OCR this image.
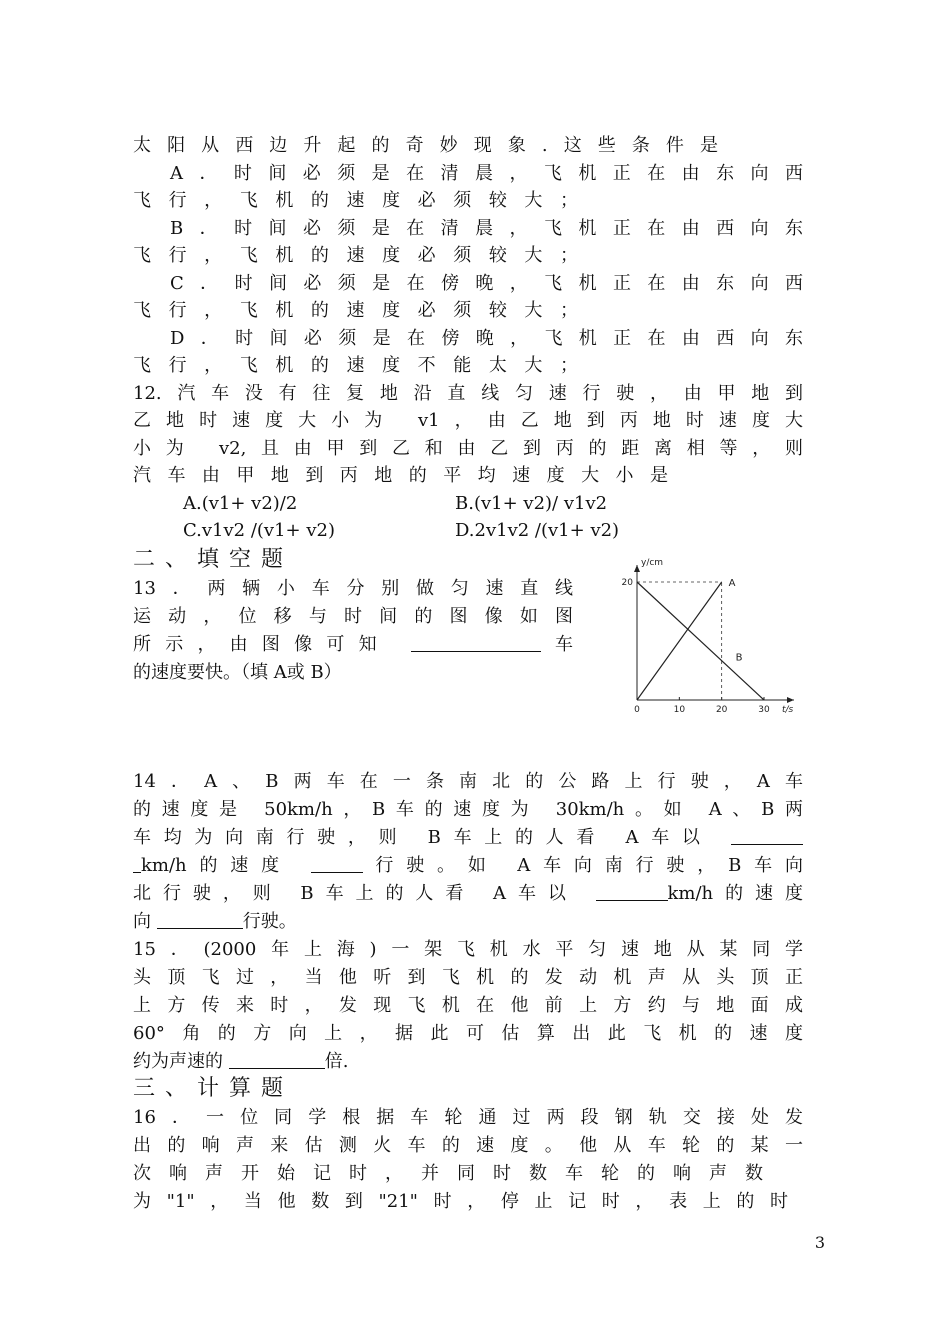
太阳从西边升起的奇妙现象.这些条件是
A．时间必须是在清晨，飞机正在由东向西
飞行，飞机的速度必须较大；
B．时间必须是在清晨，飞机正在由西向东
飞行，飞机的速度必须较大；
C．时间必须是在傍晚，飞机正在由东向西
飞行，飞机的速度必须较大；
D．时间必须是在傍晚，飞机正在由西向东
飞行，飞机的速度不能太大；
12.汽车没有往复地沿直线匀速行驶，由甲地到
乙地时速度大小为 v1，由乙地到丙地时速度大
小为 v2,且由甲到乙和由乙到丙的距离相等，则
汽车由甲地到丙地的平均速度大小是
A.(v1+ v2)/2	B.(v1+ v2)/ v1v2
C.v1v2 /(v1+ v2)	D.2v1v2 /(v1+ v2)
二、填空题
13．两辆小车分别做匀速直线
运动，位移与时间的图像如图
所示，由图像可知	车
的速度要快。（填 A或 B）
A
B
0	10	20	30
20
y/cm
t/s
14．A、B两车在一条南北的公路上行驶，A车
的速度是 50km/h，B车的速度为 30km/h。如 A、B两
车均为向南行驶，则 B车上的人看 A车以
km/h的速度	行驶。如 A车向南行驶，B车向
北行驶，则 B车上的人看 A车以	km/h的速度
向	行驶。
15．(2000年上海)一架飞机水平匀速地从某同学
头顶飞过，当他听到飞机的发动机声从头顶正
上方传来时，发现飞机在他前上方约与地面成
60°角的方向上，据此可估算出此飞机的速度
约为声速的	倍.
三、计算题
16．一位同学根据车轮通过两段钢轨交接处发
出的响声来估测火车的速度。他从车轮的某一
次响声开始记时，并同时数车轮的响声数
为"1"，当他数到"21"时，停止记时，表上的时
3
